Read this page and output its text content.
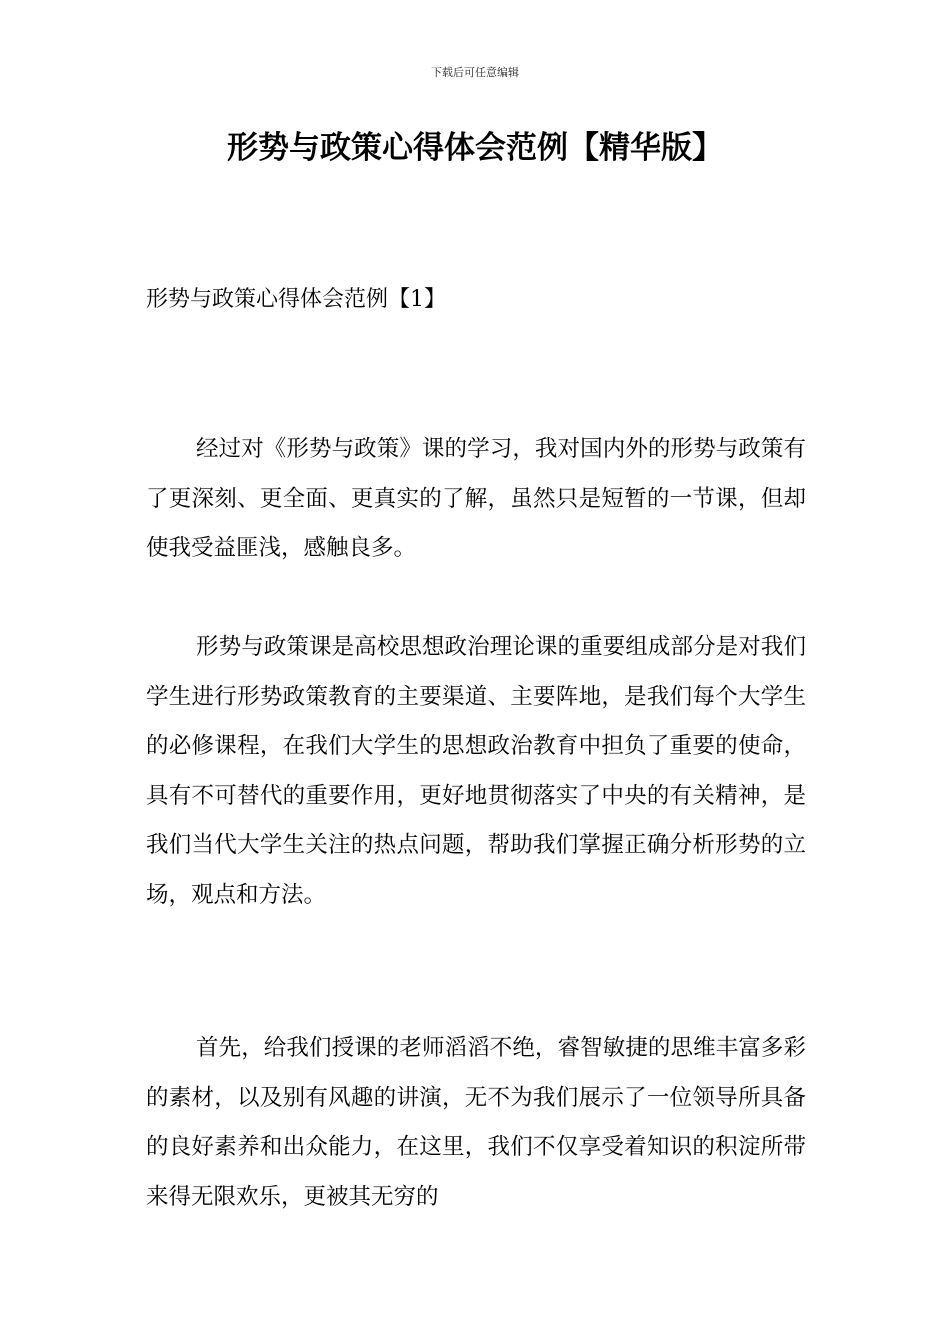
下载后可任意编辑
形势与政策心得体会范例【精华版】
形势与政策心得体会范例【1】

经过对《形势与政策》课的学习，我对国内外的形势与政策有了更深刻、更全面、更真实的了解，虽然只是短暂的一节课，但却使我受益匪浅，感触良多。

形势与政策课是高校思想政治理论课的重要组成部分是对我们学生进行形势政策教育的主要渠道、主要阵地，是我们每个大学生的必修课程，在我们大学生的思想政治教育中担负了重要的使命，具有不可替代的重要作用，更好地贯彻落实了中央的有关精神，是我们当代大学生关注的热点问题，帮助我们掌握正确分析形势的立场，观点和方法。

首先，给我们授课的老师滔滔不绝，睿智敏捷的思维丰富多彩的素材，以及别有风趣的讲演，无不为我们展示了一位领导所具备的良好素养和出众能力，在这里，我们不仅享受着知识的积淀所带来得无限欢乐，更被其无穷的
